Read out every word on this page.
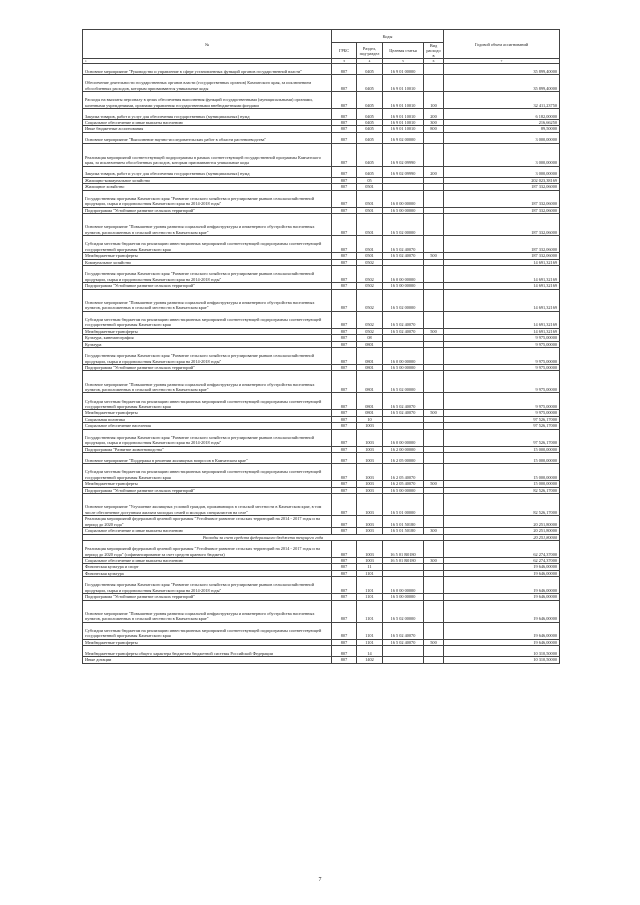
№	Коды				Годовой объем ассигнований
	ГРБС	Раздел, под-раздел	Целевая статья	Вид расходов	
1	3	4	5	6	7
Основное мероприятие "Руководство и управление в сфере установленных функций органов государственной власти"	807	0405	16 9 01 00000		35 899,40000
Обеспечение деятельности государственных органов власти (государственных органов) Камчатского края, за исключением обособленных расходов, которым присваиваются уникальные коды	807	0405	16 9 01 10010		35 899,40000
Расходы на выплаты персоналу в целях обеспечения выполнения функций государственными (муниципальными) органами, казенными учреждениями, органами управления государственными внебюджетными фондами	807	0405	16 9 01 10010	100	32 411,23750
Закупка товаров, работ и услуг для обеспечения государственных (муниципальных) нужд	807	0405	16 9 01 10010	200	6 182,00000
Социальное обеспечение и иные выплаты населению	807	0405	16 9 01 10010	300	216,66250
Иные бюджетные ассигнования	807	0405	16 9 01 10010	800	89,50000
Основное мероприятие "Выполнение научно-исследовательских работ в области растениеводства"	807	0405	16 9 02 00000		3 000,00000
Реализация мероприятий соответствующей подпрограммы в рамках соответствующей государственной программы Камчатского края, за исключением обособленных расходов, которым присваиваются уникальные коды	807	0405	16 9 02 09990		3 000,00000
Закупка товаров, работ и услуг для обеспечения государственных (муниципальных) нужд	807	0405	16 9 02 09990	200	3 000,00000
Жилищно-коммунальное хозяйство	807	05			202 023,38169
Жилищное хозяйство	807	0501			187 332,06000
Государственная программа Камчатского края "Развитие сельского хозяйства и регулирование рынков сельскохозяйственной продукции, сырья и продовольствия Камчатского края на 2014-2018 годы"	807	0501	16 0 00 00000		187 332,06000
Подпрограмма "Устойчивое развитие сельских территорий"	807	0501	16 5 00 00000		187 332,06000
Основное мероприятие "Повышение уровня развития социальной инфраструктуры и инженерного обустройства населенных пунктов, расположенных в сельской местности в Камчатском крае"	807	0501	16 5 02 00000		187 332,06000
Субсидии местным бюджетам на реализацию инвестиционных мероприятий соответствующей подпрограммы соответствующей государственной программы Камчатского края	807	0501	16 5 02 40070		187 332,06000
Межбюджетные трансферты	807	0501	16 5 02 40070	500	187 332,06000
Коммунальное хозяйство	807	0502			14 691,32169
Государственная программа Камчатского края "Развитие сельского хозяйства и регулирование рынков сельскохозяйственной продукции, сырья и продовольствия Камчатского края на 2014-2018 годы"	807	0502	16 0 00 00000		14 691,32169
Подпрограмма "Устойчивое развитие сельских территорий"	807	0502	16 5 00 00000		14 691,32169
Основное мероприятие "Повышение уровня развития социальной инфраструктуры и инженерного обустройства населенных пунктов, расположенных в сельской местности в Камчатском крае"	807	0502	16 5 02 00000		14 691,32169
Субсидии местным бюджетам на реализацию инвестиционных мероприятий соответствующей подпрограммы соответствующей государственной программы Камчатского края	807	0502	16 5 02 40070		14 691,32169
Межбюджетные трансферты	807	0502	16 5 02 40070	500	14 691,32169
Культура, кинематография	807	08			9 975,00000
Культура	807	0801			9 975,00000
Государственная программа Камчатского края "Развитие сельского хозяйства и регулирование рынков сельскохозяйственной продукции, сырья и продовольствия Камчатского края на 2014-2018 годы"	807	0801	16 0 00 00000		9 975,00000
Подпрограмма "Устойчивое развитие сельских территорий"	807	0801	16 5 00 00000		9 975,00000
Основное мероприятие "Повышение уровня развития социальной инфраструктуры и инженерного обустройства населенных пунктов, расположенных в сельской местности в Камчатском крае"	807	0801	16 5 02 00000		9 975,00000
Субсидии местным бюджетам на реализацию инвестиционных мероприятий соответствующей подпрограммы соответствующей государственной программы Камчатского края	807	0801	16 5 02 40070		9 975,00000
Межбюджетные трансферты	807	0801	16 5 02 40070	500	9 975,00000
Социальная политика	807	10			97 526,17000
Социальное обеспечение населения	807	1003			97 526,17000
Государственная программа Камчатского края "Развитие сельского хозяйства и регулирование рынков сельскохозяйственной продукции, сырья и продовольствия Камчатского края на 2014-2018 годы"	807	1003	16 0 00 00000		97 526,17000
Подпрограмма "Развитие животноводства"	807	1003	16 2 00 00000		15 000,00000
Основное мероприятие "Поддержка в решении жилищных вопросов в Камчатском крае"	807	1003	16 2 05 00000		15 000,00000
Субсидии местным бюджетам на реализацию инвестиционных мероприятий соответствующей подпрограммы соответствующей государственной программы Камчатского края	807	1003	16 2 05 40070		15 000,00000
Межбюджетные трансферты	807	1003	16 2 05 40070	500	15 000,00000
Подпрограмма "Устойчивое развитие сельских территорий"	807	1003	16 5 00 00000		82 526,17000
Основное мероприятие "Улучшение жилищных условий граждан, проживающих в сельской местности в Камчатском крае, в том числе обеспечение доступным жильем молодых семей и молодых специалистов на селе"	807	1003	16 5 01 00000		82 526,17000
Реализация мероприятий федеральной целевой программы "Устойчивое развитие сельских территорий на 2014 - 2017 годы и на период до 2020 года"	807	1003	16 5 01 50180		20 251,80000
Социальное обеспечение и иные выплаты населению	807	1003	16 5 01 50180	300	20 251,80000
Расходы за счет средств федерального бюджета текущего года					20 251,80000
Реализация мероприятий федеральной целевой программы "Устойчивое развитие сельских территорий на 2014 - 2017 годы и на период до 2020 года" (софинансирование за счет средств краевого бюджета)	807	1003	16 5 01 R0180		62 274,37000
Социальное обеспечение и иные выплаты населению	807	1003	16 5 01 R0180	300	62 274,37000
Физическая культура и спорт	807	11			19 646,00000
Физическая культура	807	1101			19 646,00000
Государственная программа Камчатского края "Развитие сельского хозяйства и регулирование рынков сельскохозяйственной продукции, сырья и продовольствия Камчатского края на 2014-2018 годы"	807	1101	16 0 00 00000		19 646,00000
Подпрограмма "Устойчивое развитие сельских территорий"	807	1101	16 5 00 00000		19 646,00000
Основное мероприятие "Повышение уровня развития социальной инфраструктуры и инженерного обустройства населенных пунктов, расположенных в сельской местности в Камчатском крае"	807	1101	16 5 02 00000		19 646,00000
Субсидии местным бюджетам на реализацию инвестиционных мероприятий соответствующей подпрограммы соответствующей государственной программы Камчатского края	807	1101	16 5 02 40070		19 646,00000
Межбюджетные трансферты	807	1101	16 5 02 40070	500	19 646,00000
Межбюджетные трансферты общего характера бюджетам бюджетной системы Российской Федерации	807	14			10 310,50000
Иные дотации	807	1402			10 310,50000
7
